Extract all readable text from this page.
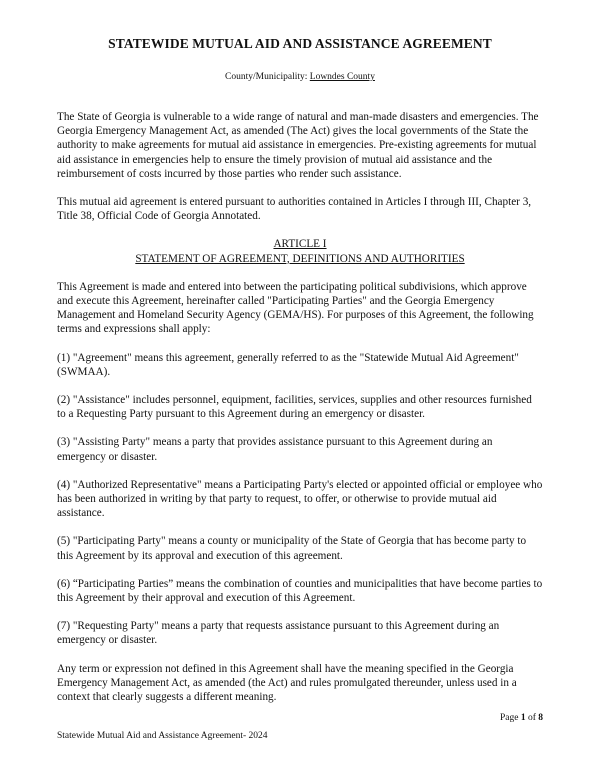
STATEWIDE MUTUAL AID AND ASSISTANCE AGREEMENT
County/Municipality: Lowndes County

The State of Georgia is vulnerable to a wide range of natural and man-made disasters and emergencies. The Georgia Emergency Management Act, as amended (The Act) gives the local governments of the State the authority to make agreements for mutual aid assistance in emergencies. Pre-existing agreements for mutual aid assistance in emergencies help to ensure the timely provision of mutual aid assistance and the reimbursement of costs incurred by those parties who render such assistance.

This mutual aid agreement is entered pursuant to authorities contained in Articles I through III, Chapter 3, Title 38, Official Code of Georgia Annotated.

ARTICLE I
STATEMENT OF AGREEMENT, DEFINITIONS AND AUTHORITIES

This Agreement is made and entered into between the participating political subdivisions, which approve and execute this Agreement, hereinafter called "Participating Parties" and the Georgia Emergency Management and Homeland Security Agency (GEMA/HS). For purposes of this Agreement, the following terms and expressions shall apply:

(1) "Agreement" means this agreement, generally referred to as the "Statewide Mutual Aid Agreement" (SWMAA).

(2) "Assistance" includes personnel, equipment, facilities, services, supplies and other resources furnished to a Requesting Party pursuant to this Agreement during an emergency or disaster.

(3) "Assisting Party" means a party that provides assistance pursuant to this Agreement during an emergency or disaster.

(4) "Authorized Representative" means a Participating Party's elected or appointed official or employee who has been authorized in writing by that party to request, to offer, or otherwise to provide mutual aid assistance.

(5) "Participating Party" means a county or municipality of the State of Georgia that has become party to this Agreement by its approval and execution of this agreement.

(6) “Participating Parties” means the combination of counties and municipalities that have become parties to this Agreement by their approval and execution of this Agreement.

(7) "Requesting Party" means a party that requests assistance pursuant to this Agreement during an emergency or disaster.

Any term or expression not defined in this Agreement shall have the meaning specified in the Georgia Emergency Management Act, as amended (the Act) and rules promulgated thereunder, unless used in a context that clearly suggests a different meaning.

Page 1 of 8
Statewide Mutual Aid and Assistance Agreement- 2024
